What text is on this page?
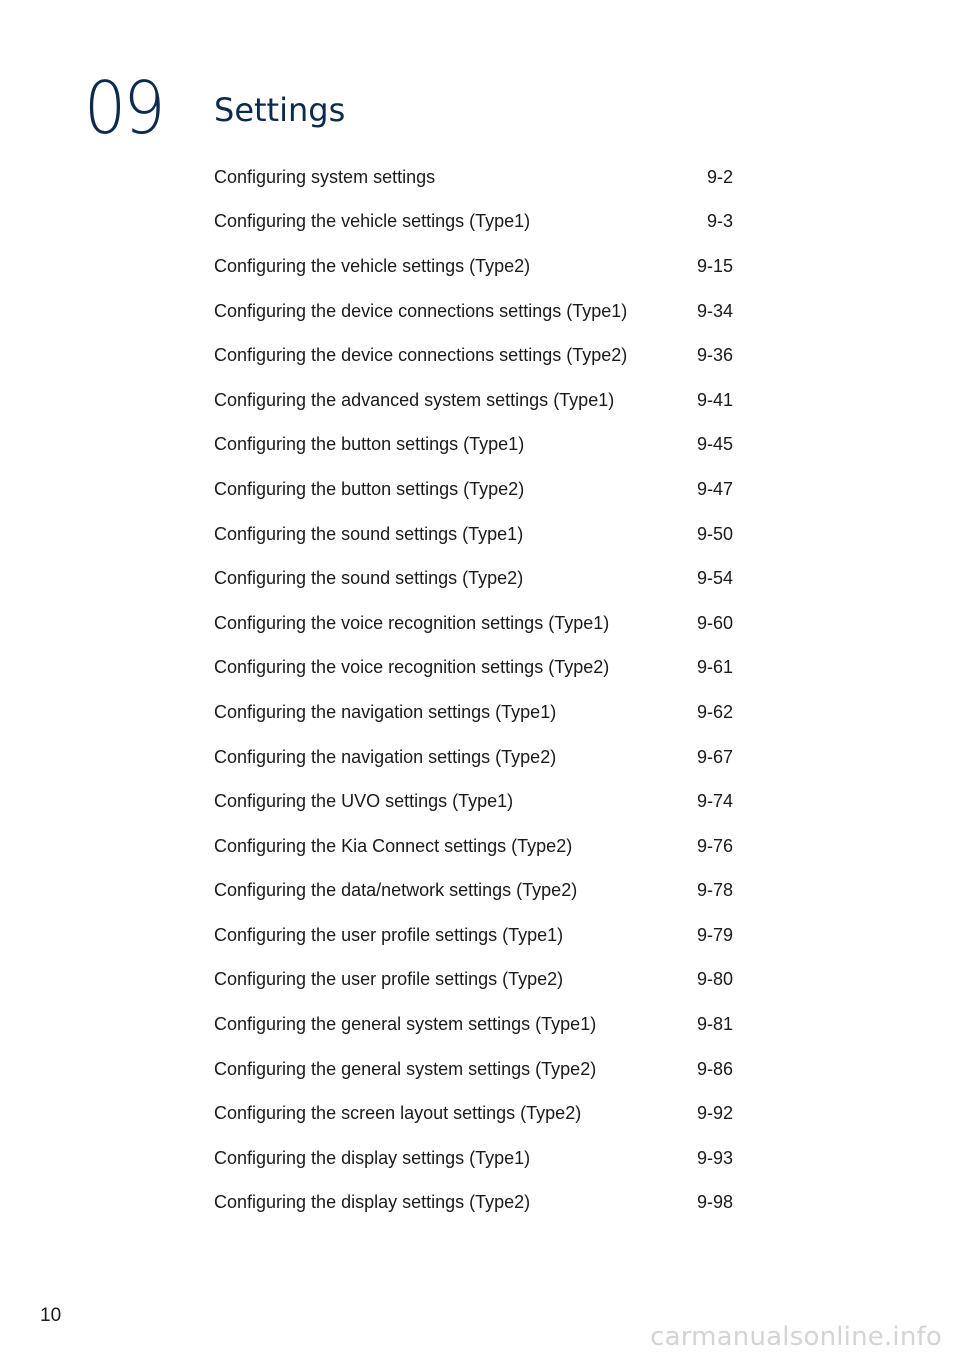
09 Settings
Configuring system settings	9-2
Configuring the vehicle settings (Type1)	9-3
Configuring the vehicle settings (Type2)	9-15
Configuring the device connections settings (Type1)	9-34
Configuring the device connections settings (Type2)	9-36
Configuring the advanced system settings (Type1)	9-41
Configuring the button settings (Type1)	9-45
Configuring the button settings (Type2)	9-47
Configuring the sound settings (Type1)	9-50
Configuring the sound settings (Type2)	9-54
Configuring the voice recognition settings (Type1)	9-60
Configuring the voice recognition settings (Type2)	9-61
Configuring the navigation settings (Type1)	9-62
Configuring the navigation settings (Type2)	9-67
Configuring the UVO settings (Type1)	9-74
Configuring the Kia Connect settings (Type2)	9-76
Configuring the data/network settings (Type2)	9-78
Configuring the user profile settings (Type1)	9-79
Configuring the user profile settings (Type2)	9-80
Configuring the general system settings (Type1)	9-81
Configuring the general system settings (Type2)	9-86
Configuring the screen layout settings (Type2)	9-92
Configuring the display settings (Type1)	9-93
Configuring the display settings (Type2)	9-98
10
carmanualsonline.info
